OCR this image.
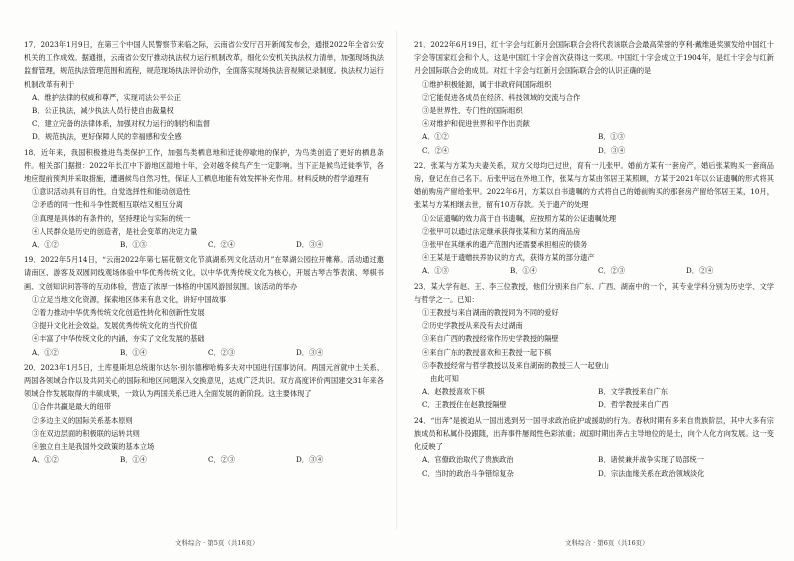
17．2023年1月9日，在第三个中国人民警察节来临之际，云南省公安厅召开新闻发布会，通报2022年全省公安机关的工作成效。据通报，云南省公安厅推动执法权力运行机制改革，细化公安机关执法权力清单，加强现场执法监督管理，规范执法管理范围和流程，规范现场执法评价动作，全面落实现场执法音视频记录制度。执法权力运行机制改革有利于

A．维护法律的权威和尊严，实现司法公平公正

B．公正执法，减少执法人员行使自由裁量权

C．建立完备的法律体系，加强对权力运行的制约和监督

D．规范执法，更好保障人民的幸福感和安全感

18．近年来，我国积极推进鸟类保护工作，加强鸟类栖息地和迁徙停歇地的保护，为鸟类创造了更好的栖息条件。相关部门据报：2022年长江中下游地区湿地十年，会对越冬候鸟产生一定影响。当下正是候鸟迁徙季节，各地应提前预判并采取措施，遭遇候鸟自然习性，保证人工栖息地能有效发挥补充作用。材料反映的哲学道理有

①意识活动具有目的性，自觉选择性和能动创造性

②矛盾的同一性和斗争性既相互联结又相互分离

③真理是具体的有条件的，坚持理论与实际的统一

④人民群众是历史的创造者，是社会变革的决定力量

A．①②	B．①③	C．②④	D．③④

19．2022年5月14日，“云南2022年第七届花朝文化节滇湖系列文化活动月”在翠湖公园拉开帷幕。活动通过邀请南区、游客及双圆同线观场体验中华优秀传统文化，以中华优秀传统文化为核心，开展古琴古筝表演、琴棋书画、文创知识问答等的互动体验，营造了浓厚一体格的中国风游园氛围。该活动的举办

①立足当地文化资源，探索地区体来有息文化，讲好中国故事

②着力推动中华优秀传统文化创造性转化和创新性发展

③提升文化社会效益，发展优秀传统文化的当代价值

④丰富了中华传统文化的内涵，夯实了文化发展的基础

A．①②	B．①④	C．②③	D．③④

20．2023年1月5日，土库曼斯坦总统谢尔达尔·别尔德穆哈梅多夫对中国进行国事访问。两国元首就中土关系、两国各领域合作以及共同关心的国际和地区问题深入交换意见，达成广泛共识。双方高度评价两国建交31年来各领域合作发展取得的丰硕成果，一致认为两国关系已进入全面发展的新阶段。这主要体现了

①合作共赢是最大的纽带

②多边主义的国际关系基本原则

③在双边层面的积极联的运转共则

④独立自主是我国外交政策的基本立场

A．①②	B．①④	C．②③	D．③④

21．2022年6月19日，红十字会与红新月会国际联合会将代表该联合会最高荣誉的亨利·戴维逊奖颁发给中国红十字会等国家红会和个人，这是中国红十字会首次获得这一奖项。中国红十字会成立于1904年，是红十字会与红新月会国际联合会的成员。对红十字会与红新月会国际联合会的认识正确的是

①维护积极能源，属于非政府间国际组织

②它能促进各成员在经济、科技领域的交流与合作

③是世界性、专门性的国际组织

④对维护和促进世界和平作出贡献

A．①②	B．①③
C．②④	D．③④

22．张某与方某为夫妻关系，双方父母均已过世，育有一儿张甲。婚前方某有一套房产，婚后张某购买一套商品房，登记在自己名下。后张甲远在外地工作，张某与方某由邻居王某照顾，方某于2021年以公证遗嘱的形式将其婚前购房产留给张甲。2022年6月，方某以自书遗嘱的方式将自己的婚前购买的那套房产留给邻居王某，10月，张某与方某相继去世，留有10万存款。关于遗产的处理

①公证遗嘱的效力高于自书遗嘱，应按照方某的公证遗嘱处理

②张甲可以通过法定继承获得张某和方某的商品房

③张甲在其继承的遗产范围内还需要承担相应的债务

④王某是于遗赠扶养协议的方式，获得方某的部分遗产

A．①③	B．①④	C．②③	D．②④

23．某大学有赵、王、李三位教授，他们分别来自广东、广西、湖南中的一个，其专业学科分别为历史学、文学与哲学之一。已知：

①王教授与来自湖南的教授同为不同的爱好

②历史学教授从来没有去过湖南

③来自广西的教授经常作历史学教授的隔壁

④来自广东的教授喜欢和王教授一起下棋

⑤李教授经常与哲学教授以及来自湖南的教授三人一起登山

由此可知

A．赵教授喜欢下棋	B．文学教授来自广东
C．王教授住在赵教授隔壁	D．哲学教授来自广西

24．“出奔”是被迫从一国出逃到另一国寻求政治庇护或援助的行为。春秋时期有多来自贵族阶层，其中大多有宗族成员和私属仆役跟随，出奔事件屡闻性色彩浓重；战国时期出奔占主导地位的是士，向个人化方向发展。这一变化反映了

A．官僚政治取代了贵族政治	B．诸侯兼并战争实现了局部统一
C．当时的政治斗争错综复杂	D．宗法血缘关系在政治领域淡化
文科综合 · 第5页（共16页）	文科综合 · 第6页（共16页）
